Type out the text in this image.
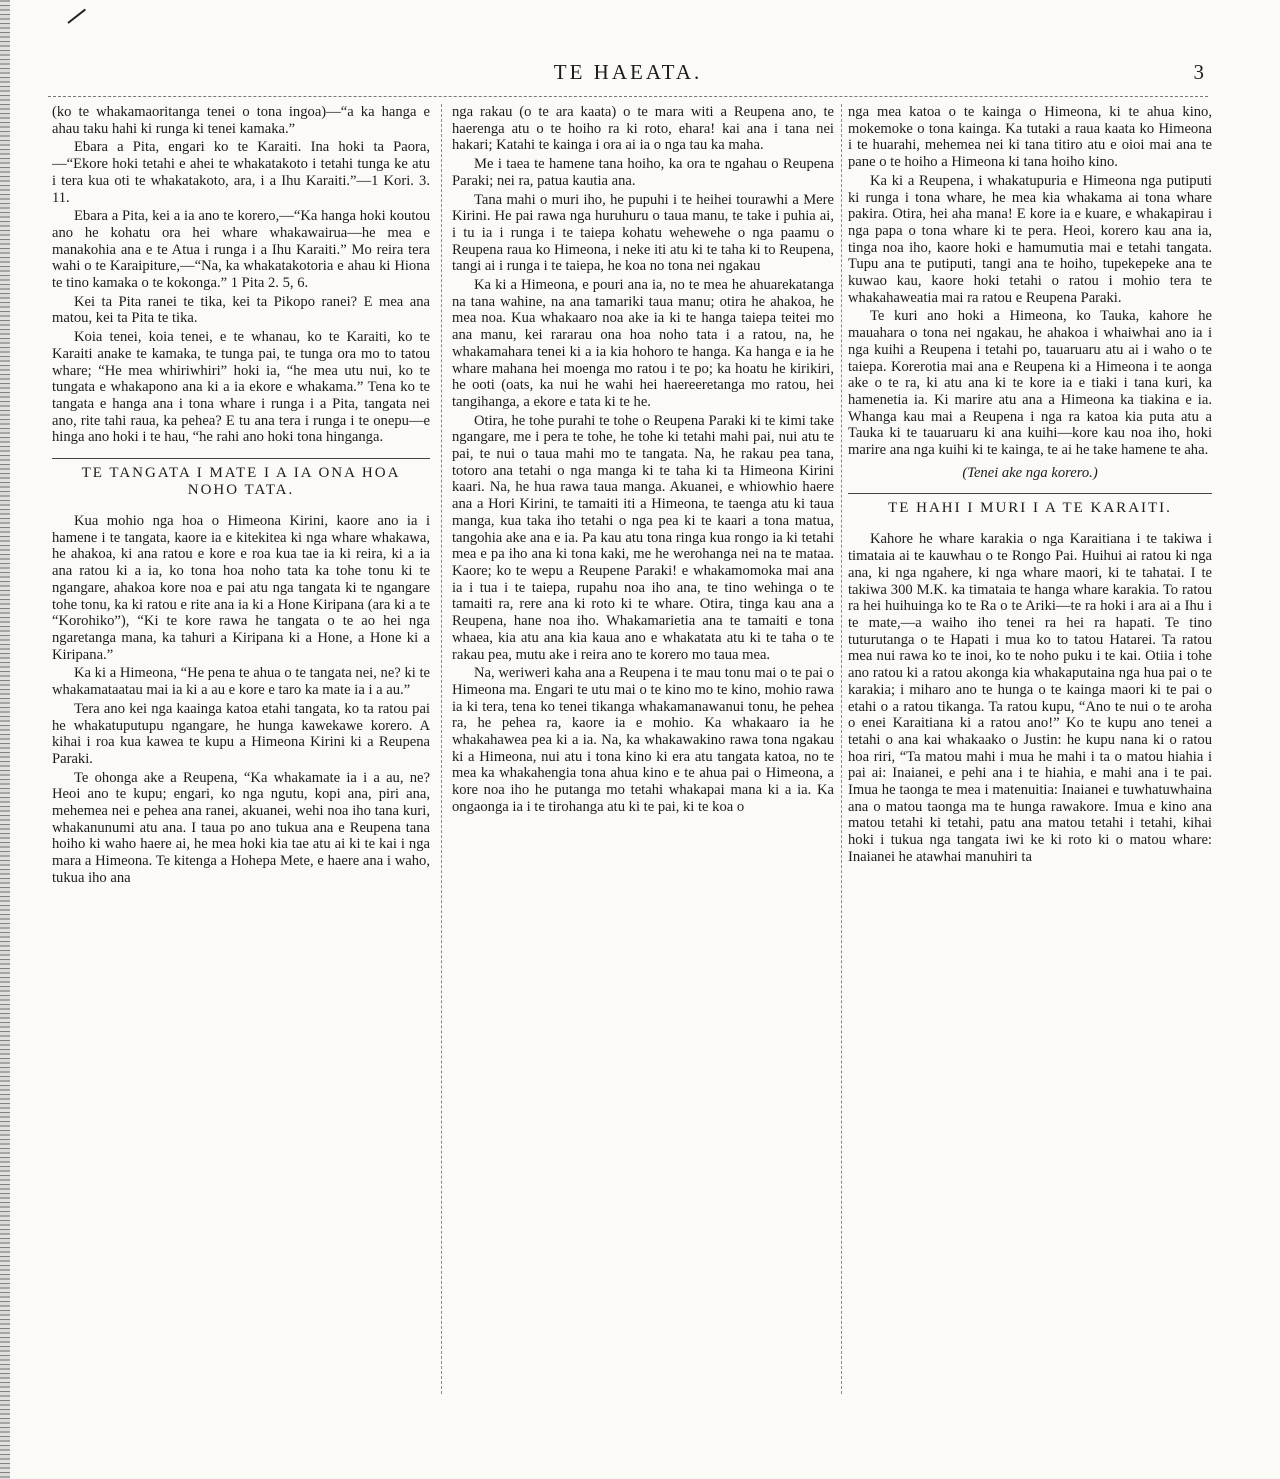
TE HAEATA.	3

(ko te whakamaoritanga tenei o tona ingoa)—“a ka hanga e ahau taku hahi ki runga ki tenei kamaka.”

Ebara a Pita, engari ko te Karaiti. Ina hoki ta Paora,—“Ekore hoki tetahi e ahei te whakatakoto i tetahi tunga ke atu i tera kua oti te whakatakoto, ara, i a Ihu Karaiti.”—1 Kori. 3. 11.

Ebara a Pita, kei a ia ano te korero,—“Ka hanga hoki koutou ano he kohatu ora hei whare whakawairua—he mea e manakohia ana e te Atua i runga i a Ihu Karaiti.” Mo reira tera wahi o te Karaipiture,—“Na, ka whakatakotoria e ahau ki Hiona te tino kamaka o te kokonga.” 1 Pita 2. 5, 6.

Kei ta Pita ranei te tika, kei ta Pikopo ranei? E mea ana matou, kei ta Pita te tika.

Koia tenei, koia tenei, e te whanau, ko te Karaiti, ko te Karaiti anake te kamaka, te tunga pai, te tunga ora mo to tatou whare; “He mea whiriwhiri” hoki ia, “he mea utu nui, ko te tungata e whakapono ana ki a ia ekore e whakama.” Tena ko te tangata e hanga ana i tona whare i runga i a Pita, tangata nei ano, rite tahi raua, ka pehea? E tu ana tera i runga i te onepu—e hinga ano hoki i te hau, “he rahi ano hoki tona hinganga.

TE TANGATA I MATE I A IA ONA HOA NOHO TATA.

Kua mohio nga hoa o Himeona Kirini, kaore ano ia i hamene i te tangata, kaore ia e kitekitea ki nga whare whakawa, he ahakoa, ki ana ratou e kore e roa kua tae ia ki reira, ki a ia ana ratou ki a ia, ko tona hoa noho tata ka tohe tonu ki te ngangare, ahakoa kore noa e pai atu nga tangata ki te ngangare tohe tonu, ka ki ratou e rite ana ia ki a Hone Kiripana (ara ki a te “Korohiko”), “Ki te kore rawa he tangata o te ao hei nga ngaretanga mana, ka tahuri a Kiripana ki a Hone, a Hone ki a Kiripana.”

Ka ki a Himeona, “He pena te ahua o te tangata nei, ne? ki te whakamataatau mai ia ki a au e kore e taro ka mate ia i a au.”

Tera ano kei nga kaainga katoa etahi tangata, ko ta ratou pai he whakatuputupu ngangare, he hunga kawekawe korero. A kihai i roa kua kawea te kupu a Himeona Kirini ki a Reupena Paraki.

Te ohonga ake a Reupena, “Ka whakamate ia i a au, ne? Heoi ano te kupu; engari, ko nga ngutu, kopi ana, piri ana, mehemea nei e pehea ana ranei, akuanei, wehi noa iho tana kuri, whakanunumi atu ana. I taua po ano tukua ana e Reupena tana hoiho ki waho haere ai, he mea hoki kia tae atu ai ki te kai i nga mara a Himeona. Te kitenga a Hohepa Mete, e haere ana i waho, tukua iho ana

nga rakau (o te ara kaata) o te mara witi a Reupena ano, te haerenga atu o te hoiho ra ki roto, ehara! kai ana i tana nei hakari; Katahi te kainga i ora ai ia o nga tau ka maha.

Me i taea te hamene tana hoiho, ka ora te ngahau o Reupena Paraki; nei ra, patua kautia ana.

Tana mahi o muri iho, he pupuhi i te heihei tourawhi a Mere Kirini. He pai rawa nga huruhuru o taua manu, te take i puhia ai, i tu ia i runga i te taiepa kohatu wehewehe o nga paamu o Reupena raua ko Himeona, i neke iti atu ki te taha ki to Reupena, tangi ai i runga i te taiepa, he koa no tona nei ngakau

Ka ki a Himeona, e pouri ana ia, no te mea he ahuarekatanga na tana wahine, na ana tamariki taua manu; otira he ahakoa, he mea noa. Kua whakaaro noa ake ia ki te hanga taiepa teitei mo ana manu, kei rararau ona hoa noho tata i a ratou, na, he whakamahara tenei ki a ia kia hohoro te hanga. Ka hanga e ia he whare mahana hei moenga mo ratou i te po; ka hoatu he kirikiri, he ooti (oats, ka nui he wahi hei haereeretanga mo ratou, hei tangihanga, a ekore e tata ki te he.

Otira, he tohe purahi te tohe o Reupena Paraki ki te kimi take ngangare, me i pera te tohe, he tohe ki tetahi mahi pai, nui atu te pai, te nui o taua mahi mo te tangata. Na, he rakau pea tana, totoro ana tetahi o nga manga ki te taha ki ta Himeona Kirini kaari. Na, he hua rawa taua manga. Akuanei, e whiowhio haere ana a Hori Kirini, te tamaiti iti a Himeona, te taenga atu ki taua manga, kua taka iho tetahi o nga pea ki te kaari a tona matua, tangohia ake ana e ia. Pa kau atu tona ringa kua rongo ia ki tetahi mea e pa iho ana ki tona kaki, me he werohanga nei na te mataa. Kaore; ko te wepu a Reupene Paraki! e whakamomoka mai ana ia i tua i te taiepa, rupahu noa iho ana, te tino wehinga o te tamaiti ra, rere ana ki roto ki te whare. Otira, tinga kau ana a Reupena, hane noa iho. Whakamarietia ana te tamaiti e tona whaea, kia atu ana kia kaua ano e whakatata atu ki te taha o te rakau pea, mutu ake i reira ano te korero mo taua mea.

Na, weriweri kaha ana a Reupena i te mau tonu mai o te pai o Himeona ma. Engari te utu mai o te kino mo te kino, mohio rawa ia ki tera, tena ko tenei tikanga whakamanawanui tonu, he pehea ra, he pehea ra, kaore ia e mohio. Ka whakaaro ia he whakahawea pea ki a ia. Na, ka whakawakino rawa tona ngakau ki a Himeona, nui atu i tona kino ki era atu tangata katoa, no te mea ka whakahengia tona ahua kino e te ahua pai o Himeona, a kore noa iho he putanga mo tetahi whakapai mana ki a ia. Ka ongaonga ia i te tirohanga atu ki te pai, ki te koa o

nga mea katoa o te kainga o Himeona, ki te ahua kino, mokemoke o tona kainga. Ka tutaki a raua kaata ko Himeona i te huarahi, mehemea nei ki tana titiro atu e oioi mai ana te pane o te hoiho a Himeona ki tana hoiho kino.

Ka ki a Reupena, i whakatupuria e Himeona nga putiputi ki runga i tona whare, he mea kia whakama ai tona whare pakira. Otira, hei aha mana! E kore ia e kuare, e whakapirau i nga papa o tona whare ki te pera. Heoi, korero kau ana ia, tinga noa iho, kaore hoki e hamumutia mai e tetahi tangata. Tupu ana te putiputi, tangi ana te hoiho, tupekepeke ana te kuwao kau, kaore hoki tetahi o ratou i mohio tera te whakahaweatia mai ra ratou e Reupena Paraki.

Te kuri ano hoki a Himeona, ko Tauka, kahore he mauahara o tona nei ngakau, he ahakoa i whaiwhai ano ia i nga kuihi a Reupena i tetahi po, tauaruaru atu ai i waho o te taiepa. Korerotia mai ana e Reupena ki a Himeona i te aonga ake o te ra, ki atu ana ki te kore ia e tiaki i tana kuri, ka hamenetia ia. Ki marire atu ana a Himeona ka tiakina e ia. Whanga kau mai a Reupena i nga ra katoa kia puta atu a Tauka ki te tauaruaru ki ana kuihi—kore kau noa iho, hoki marire ana nga kuihi ki te kainga, te ai he take hamene te aha.

(Tenei ake nga korero.)
TE HAHI I MURI I A TE KARAITI.

Kahore he whare karakia o nga Karaitiana i te takiwa i timataia ai te kauwhau o te Rongo Pai. Huihui ai ratou ki nga ana, ki nga ngahere, ki nga whare maori, ki te tahatai. I te takiwa 300 M.K. ka timataia te hanga whare karakia. To ratou ra hei huihuinga ko te Ra o te Ariki—te ra hoki i ara ai a Ihu i te mate,—a waiho iho tenei ra hei ra hapati. Te tino tuturutanga o te Hapati i mua ko to tatou Hatarei. Ta ratou mea nui rawa ko te inoi, ko te noho puku i te kai. Otiia i tohe ano ratou ki a ratou akonga kia whakaputaina nga hua pai o te karakia; i miharo ano te hunga o te kainga maori ki te pai o etahi o a ratou tikanga. Ta ratou kupu, “Ano te nui o te aroha o enei Karaitiana ki a ratou ano!” Ko te kupu ano tenei a tetahi o ana kai whakaako o Justin: he kupu nana ki o ratou hoa riri, “Ta matou mahi i mua he mahi i ta o matou hiahia i pai ai: Inaianei, e pehi ana i te hiahia, e mahi ana i te pai. Imua he taonga te mea i matenuitia: Inaianei e tuwhatuwhaina ana o matou taonga ma te hunga rawakore. Imua e kino ana matou tetahi ki tetahi, patu ana matou tetahi i tetahi, kihai hoki i tukua nga tangata iwi ke ki roto ki o matou whare: Inaianei he atawhai manuhiri ta
